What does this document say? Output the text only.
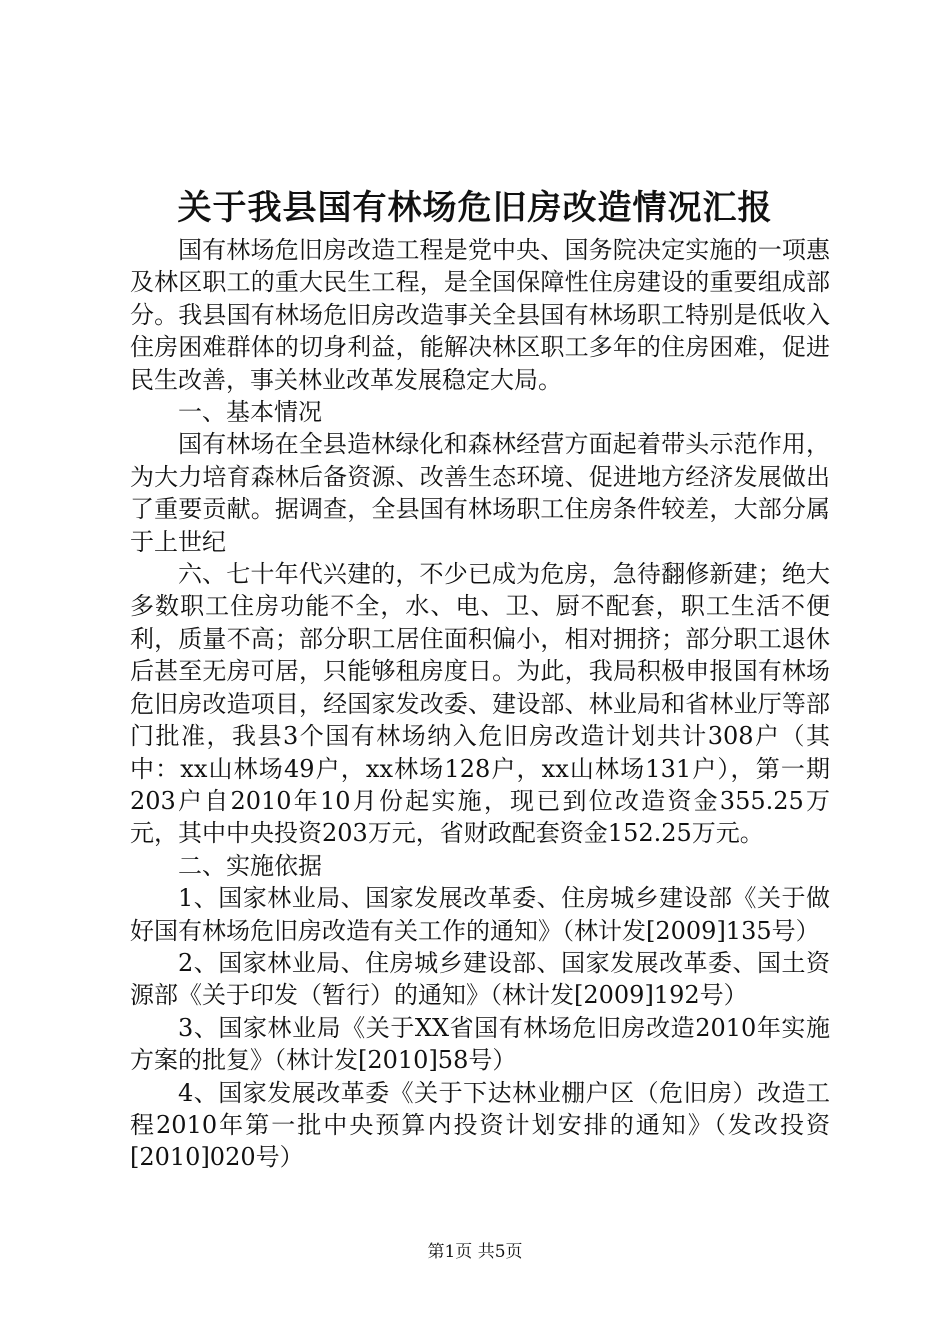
关于我县国有林场危旧房改造情况汇报

国有林场危旧房改造工程是党中央、国务院决定实施的一项惠及林区职工的重大民生工程，是全国保障性住房建设的重要组成部分。我县国有林场危旧房改造事关全县国有林场职工特别是低收入住房困难群体的切身利益，能解决林区职工多年的住房困难，促进民生改善，事关林业改革发展稳定大局。

一、基本情况

国有林场在全县造林绿化和森林经营方面起着带头示范作用，为大力培育森林后备资源、改善生态环境、促进地方经济发展做出了重要贡献。据调查，全县国有林场职工住房条件较差，大部分属于上世纪

六、七十年代兴建的，不少已成为危房，急待翻修新建；绝大多数职工住房功能不全，水、电、卫、厨不配套，职工生活不便利，质量不高；部分职工居住面积偏小，相对拥挤；部分职工退休后甚至无房可居，只能够租房度日。为此，我局积极申报国有林场危旧房改造项目，经国家发改委、建设部、林业局和省林业厅等部门批准，我县3个国有林场纳入危旧房改造计划共计308户（其中：xx山林场49户，xx林场128户，xx山林场131户），第一期203户自2010年10月份起实施，现已到位改造资金355.25万元，其中中央投资203万元，省财政配套资金152.25万元。

二、实施依据

1、国家林业局、国家发展改革委、住房城乡建设部《关于做好国有林场危旧房改造有关工作的通知》（林计发[2009]135号）

2、国家林业局、住房城乡建设部、国家发展改革委、国土资源部《关于印发（暂行）的通知》（林计发[2009]192号）

3、国家林业局《关于XX省国有林场危旧房改造2010年实施方案的批复》（林计发[2010]58号）

4、国家发展改革委《关于下达林业棚户区（危旧房）改造工程2010年第一批中央预算内投资计划安排的通知》（发改投资[2010]020号）

第1页 共5页
